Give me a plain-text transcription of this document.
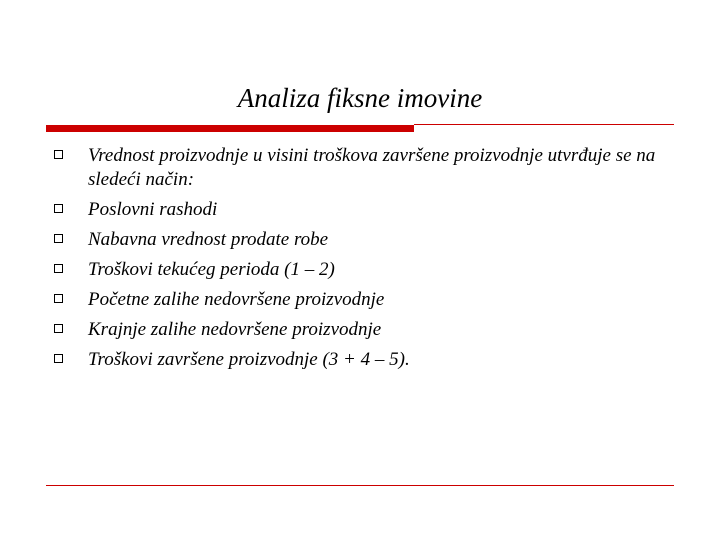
Analiza fiksne imovine
Vrednost proizvodnje u visini troškova završene proizvodnje utvrđuje se na sledeći način:
Poslovni rashodi
Nabavna vrednost prodate robe
Troškovi tekućeg perioda (1 – 2)
Početne zalihe nedovršene proizvodnje
Krajnje zalihe nedovršene proizvodnje
Troškovi završene proizvodnje (3 + 4 – 5).
